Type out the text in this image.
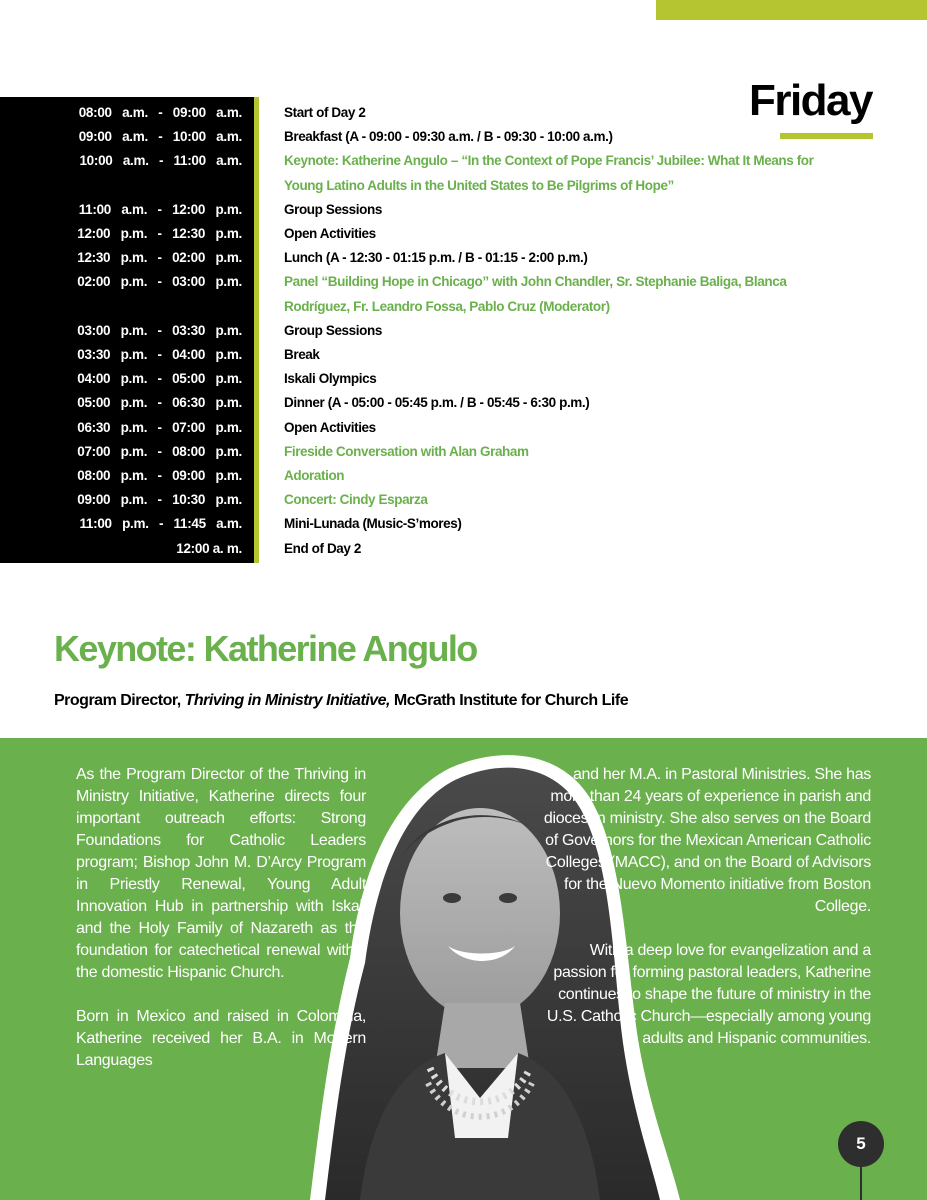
Friday
08:00   a.m.   -   09:00   a.m.	Start of Day 2
09:00   a.m.   -   10:00   a.m.	Breakfast (A - 09:00 - 09:30 a.m. / B - 09:30 - 10:00 a.m.)
10:00   a.m.   -   11:00   a.m.	Keynote: Katherine Angulo – “In the Context of Pope Francis’ Jubilee: What It Means for
Young Latino Adults in the United States to Be Pilgrims of Hope”
11:00   a.m.   -   12:00   p.m.	Group Sessions
12:00   p.m.   -   12:30   p.m.	Open Activities
12:30   p.m.   -   02:00   p.m.	Lunch (A - 12:30 - 01:15 p.m. / B - 01:15 - 2:00 p.m.)
02:00   p.m.   -   03:00   p.m.	Panel “Building Hope in Chicago” with John Chandler, Sr. Stephanie Baliga, Blanca
Rodríguez, Fr. Leandro Fossa, Pablo Cruz (Moderator)
03:00   p.m.   -   03:30   p.m.	Group Sessions
03:30   p.m.   -   04:00   p.m.	Break
04:00   p.m.   -   05:00   p.m.	Iskali Olympics
05:00   p.m.   -   06:30   p.m.	Dinner (A - 05:00 - 05:45 p.m. / B - 05:45 - 6:30 p.m.)
06:30   p.m.   -   07:00   p.m.	Open Activities
07:00   p.m.   -   08:00   p.m.	Fireside Conversation with Alan Graham
08:00   p.m.   -   09:00   p.m.	Adoration
09:00   p.m.   -   10:30   p.m.	Concert: Cindy Esparza
11:00   p.m.   -   11:45   a.m.	Mini-Lunada (Music-S’mores)
12:00 a. m.	End of Day 2
Keynote: Katherine Angulo
Program Director, Thriving in Ministry Initiative, McGrath Institute for Church Life

As the Program Director of the Thriving in Ministry Initiative, Katherine directs four important outreach efforts: Strong Foundations for Catholic Leaders program; Bishop John M. D’Arcy Program in Priestly Renewal, Young Adult Innovation Hub in partnership with Iskali and the Holy Family of Nazareth as the foundation for catechetical renewal within the domestic Hispanic Church.

Born in Mexico and raised in Colombia, Katherine received her B.A. in Modern Languages

and her M.A. in Pastoral Ministries. She has more than 24 years of experience in parish and diocesan ministry. She also serves on the Board of Governors for the Mexican American Catholic Colleges (MACC), and on the Board of Advisors for the Nuevo Momento initiative from Boston College.

With a deep love for evangelization and a passion for forming pastoral leaders, Katherine continues to shape the future of ministry in the U.S. Catholic Church—especially among young adults and Hispanic communities.

5
